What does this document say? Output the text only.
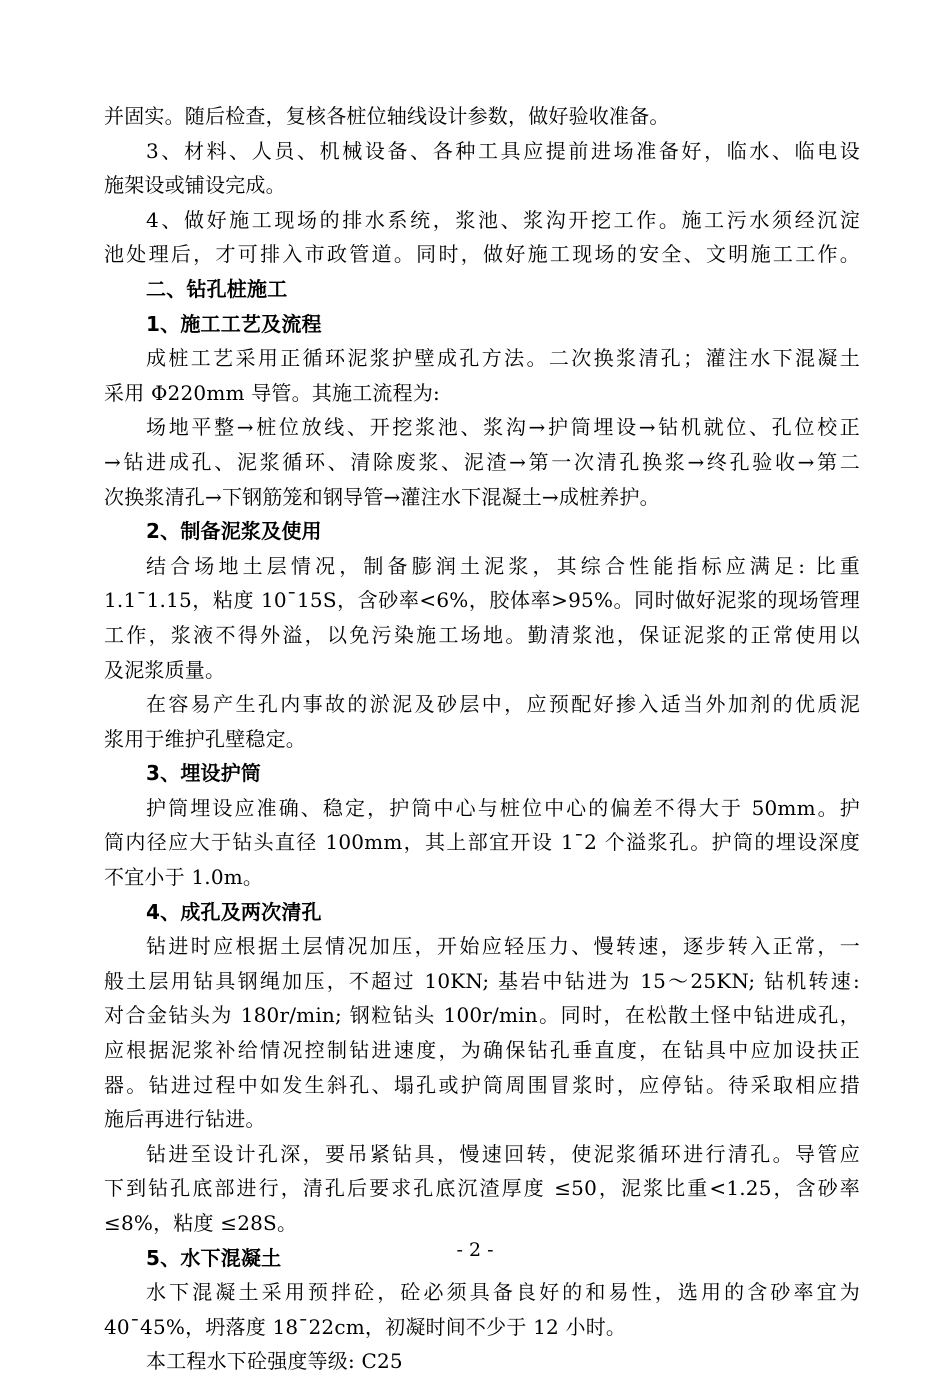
并固实。随后检查，复核各桩位轴线设计参数，做好验收准备。
3、材料、人员、机械设备、各种工具应提前进场准备好，临水、临电设
施架设或铺设完成。
4、做好施工现场的排水系统，浆池、浆沟开挖工作。施工污水须经沉淀
池处理后，才可排入市政管道。同时，做好施工现场的安全、文明施工工作。
二、钻孔桩施工
1、施工工艺及流程
成桩工艺采用正循环泥浆护壁成孔方法。二次换浆清孔；灌注水下混凝土
采用 Φ220mm 导管。其施工流程为:
场地平整→桩位放线、开挖浆池、浆沟→护筒埋设→钻机就位、孔位校正
→钻进成孔、泥浆循环、清除废浆、泥渣→第一次清孔换浆→终孔验收→第二
次换浆清孔→下钢筋笼和钢导管→灌注水下混凝土→成桩养护。
2、制备泥浆及使用
结合场地土层情况，制备膨润土泥浆，其综合性能指标应满足: 比重
1.1¯1.15，粘度 10¯15S，含砂率<6%，胶体率>95%。同时做好泥浆的现场管理
工作，浆液不得外溢，以免污染施工场地。勤清浆池，保证泥浆的正常使用以
及泥浆质量。
在容易产生孔内事故的淤泥及砂层中，应预配好掺入适当外加剂的优质泥
浆用于维护孔壁稳定。
3、埋设护筒
护筒埋设应准确、稳定，护筒中心与桩位中心的偏差不得大于 50mm。护
筒内径应大于钻头直径 100mm，其上部宜开设 1¯2 个溢浆孔。护筒的埋设深度
不宜小于 1.0m。
4、成孔及两次清孔
钻进时应根据土层情况加压，开始应轻压力、慢转速，逐步转入正常，一
般土层用钻具钢绳加压，不超过 10KN; 基岩中钻进为 15～25KN; 钻机转速:
对合金钻头为 180r/min; 钢粒钻头 100r/min。同时，在松散土怪中钻进成孔，
应根据泥浆补给情况控制钻进速度，为确保钻孔垂直度，在钻具中应加设扶正
器。钻进过程中如发生斜孔、塌孔或护筒周围冒浆时，应停钻。待采取相应措
施后再进行钻进。
钻进至设计孔深，要吊紧钻具，慢速回转，使泥浆循环进行清孔。导管应
下到钻孔底部进行，清孔后要求孔底沉渣厚度 ≤50，泥浆比重<1.25，含砂率
≤8%，粘度 ≤28S。
5、水下混凝土
水下混凝土采用预拌砼，砼必须具备良好的和易性，选用的含砂率宜为
40¯45%，坍落度 18¯22cm，初凝时间不少于 12 小时。
本工程水下砼强度等级: C25
- 2 -
